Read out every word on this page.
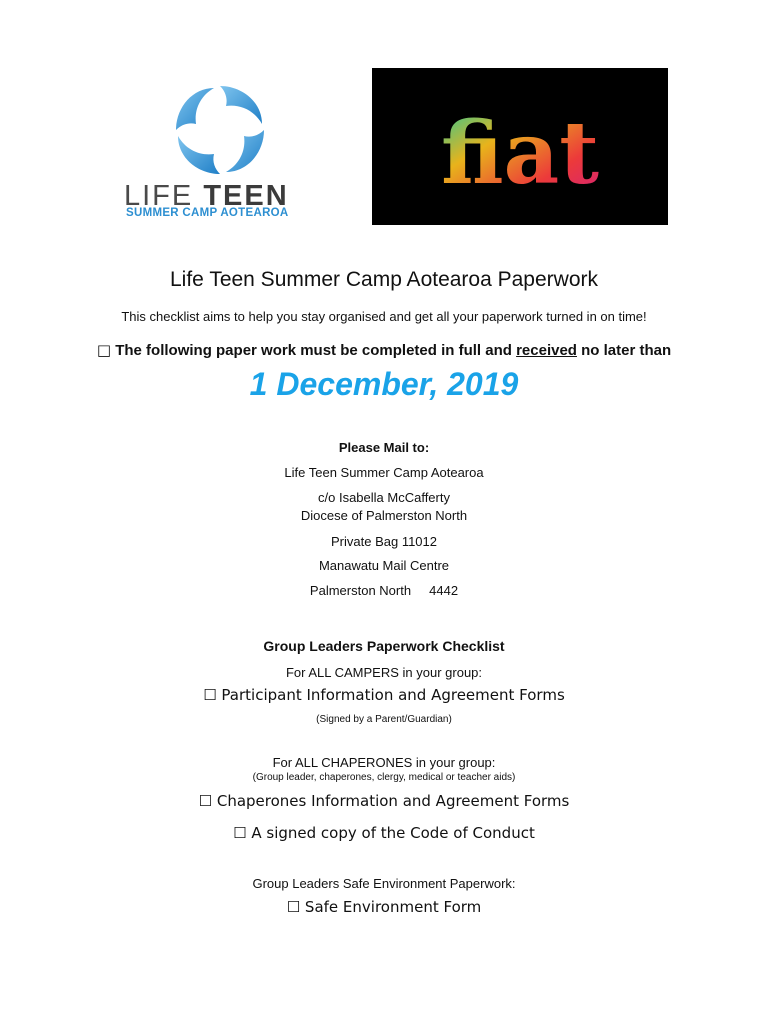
LIFE TEEN
SUMMER CAMP AOTEAROA
fiat
Life Teen Summer Camp Aotearoa Paperwork
This checklist aims to help you stay organised and get all your paperwork turned in on time!
□ The following paper work must be completed in full and received no later than
1 December, 2019
Please Mail to:
Life Teen Summer Camp Aotearoa
c/o Isabella McCafferty
Diocese of Palmerston North
Private Bag 11012
Manawatu Mail Centre
Palmerston North     4442
Group Leaders Paperwork Checklist
For ALL CAMPERS in your group:
☐ Participant Information and Agreement Forms
(Signed by a Parent/Guardian)
For ALL CHAPERONES in your group:
(Group leader, chaperones, clergy, medical or teacher aids)
☐ Chaperones Information and Agreement Forms
☐ A signed copy of the Code of Conduct
Group Leaders Safe Environment Paperwork:
☐ Safe Environment Form
